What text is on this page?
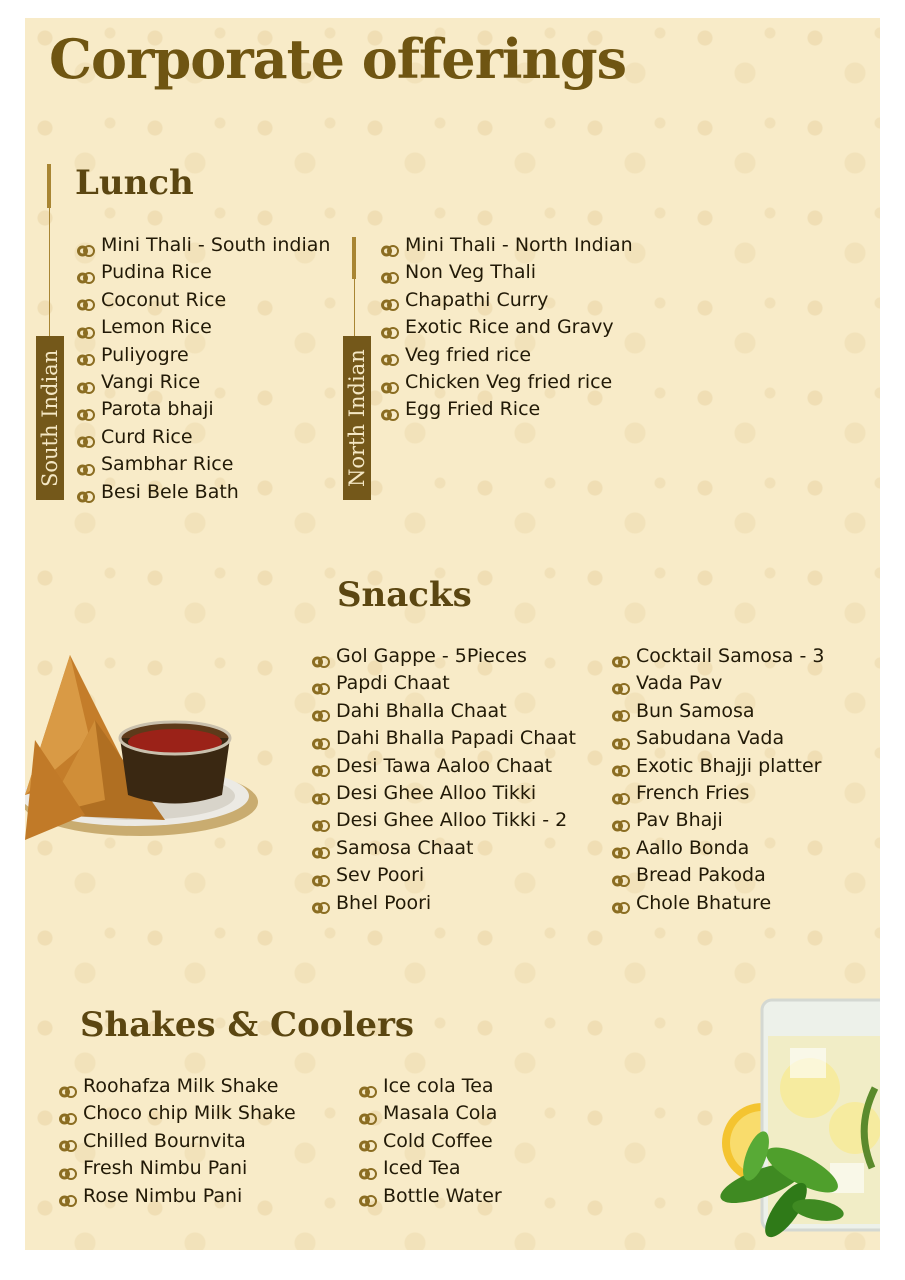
Corporate offerings
Lunch
South Indian
Mini Thali - South indian
Pudina Rice
Coconut Rice
Lemon Rice
Puliyogre
Vangi Rice
Parota bhaji
Curd Rice
Sambhar Rice
Besi Bele Bath
North Indian
Mini Thali - North Indian
Non Veg Thali
Chapathi Curry
Exotic Rice and Gravy
Veg fried rice
Chicken Veg fried rice
Egg Fried Rice
Snacks
Gol Gappe - 5Pieces
Papdi Chaat
Dahi Bhalla Chaat
Dahi Bhalla Papadi Chaat
Desi Tawa Aaloo Chaat
Desi Ghee Alloo Tikki
Desi Ghee Alloo Tikki - 2
Samosa Chaat
Sev Poori
Bhel Poori
Cocktail Samosa - 3
Vada Pav
Bun Samosa
Sabudana Vada
Exotic Bhajji platter
French Fries
Pav Bhaji
Aallo Bonda
Bread Pakoda
Chole Bhature
Shakes & Coolers
Roohafza Milk Shake
Choco chip Milk Shake
Chilled Bournvita
Fresh Nimbu Pani
Rose Nimbu Pani
Ice cola Tea
Masala Cola
Cold Coffee
Iced Tea
Bottle Water
